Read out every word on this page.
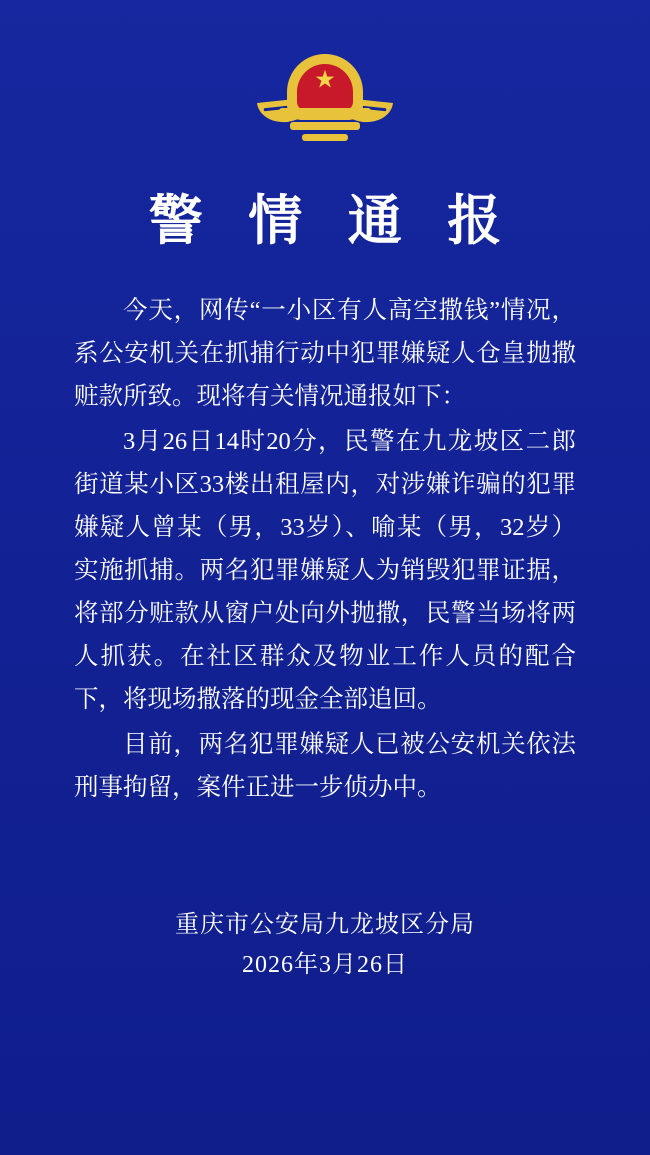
★
警 情 通 报

今天，网传“一小区有人高空撒钱”情况，系公安机关在抓捕行动中犯罪嫌疑人仓皇抛撒赃款所致。现将有关情况通报如下：

3月26日14时20分，民警在九龙坡区二郎街道某小区33楼出租屋内，对涉嫌诈骗的犯罪嫌疑人曾某（男，33岁）、喻某（男，32岁）实施抓捕。两名犯罪嫌疑人为销毁犯罪证据，将部分赃款从窗户处向外抛撒，民警当场将两人抓获。在社区群众及物业工作人员的配合下，将现场撒落的现金全部追回。

目前，两名犯罪嫌疑人已被公安机关依法刑事拘留，案件正进一步侦办中。

重庆市公安局九龙坡区分局
2026年3月26日
